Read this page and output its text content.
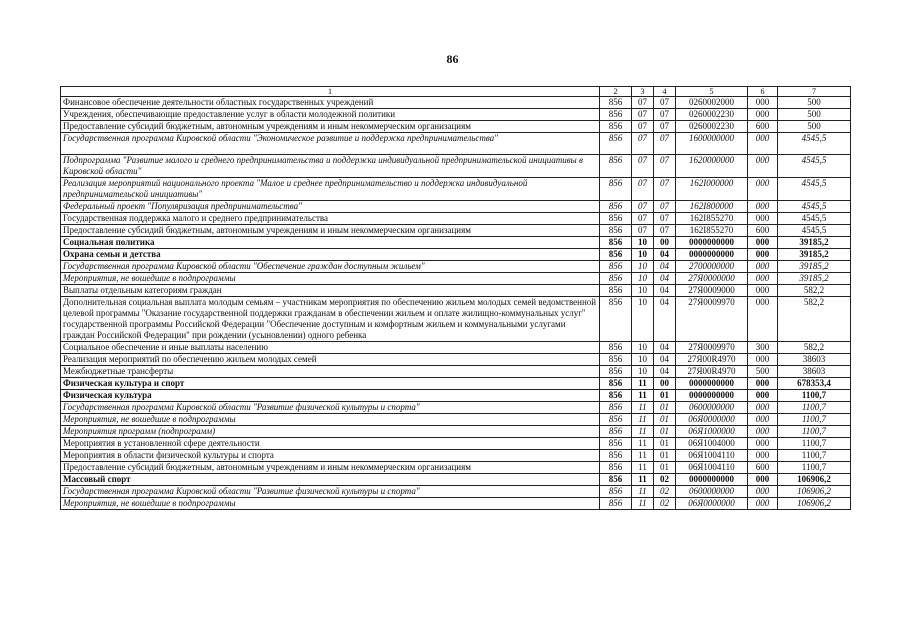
86
1	2	3	4	5	6	7
Финансовое обеспечение деятельности областных государственных учреждений	856	07	07	0260002000	000	500
Учреждения, обеспечивающие предоставление услуг в области молодежной политики	856	07	07	0260002230	000	500
Предоставление субсидий бюджетным, автономным учреждениям и иным некоммерческим организациям	856	07	07	0260002230	600	500
Государственная программа Кировской области "Экономическое развитие и поддержка предпринимательства"	856	07	07	1600000000	000	4545,5
Подпрограмма "Развитие малого и среднего предпринимательства и поддержка индивидуальной предпринимательской инициативы в Кировской области"	856	07	07	1620000000	000	4545,5
Реализация мероприятий национального проекта "Малое и среднее предпринимательство и поддержка индивидуальной предпринимательской инициативы"	856	07	07	162I000000	000	4545,5
Федеральный проект "Популяризация предпринимательства"	856	07	07	162I800000	000	4545,5
Государственная поддержка малого и среднего предпринимательства	856	07	07	162I855270	000	4545,5
Предоставление субсидий бюджетным, автономным учреждениям и иным некоммерческим организациям	856	07	07	162I855270	600	4545,5
Социальная политика	856	10	00	0000000000	000	39185,2
Охрана семьи и детства	856	10	04	0000000000	000	39185,2
Государственная программа Кировской области "Обеспечение граждан доступным жильем"	856	10	04	2700000000	000	39185,2
Мероприятия, не вошедшие в подпрограммы	856	10	04	27Я0000000	000	39185,2
Выплаты отдельным категориям граждан	856	10	04	27Я0009000	000	582,2
Дополнительная социальная выплата молодым семьям – участникам мероприятия по обеспечению жильем молодых семей ведомственной целевой программы "Оказание государственной поддержки гражданам в обеспечении жильем и оплате жилищно-коммунальных услуг" государственной программы Российской Федерации "Обеспечение доступным и комфортным жильем и коммунальными услугами граждан Российской Федерации" при рождении (усыновлении) одного ребенка	856	10	04	27Я0009970	000	582,2
Социальное обеспечение и иные выплаты населению	856	10	04	27Я0009970	300	582,2
Реализация мероприятий по обеспечению жильем молодых семей	856	10	04	27Я00R4970	000	38603
Межбюджетные трансферты	856	10	04	27Я00R4970	500	38603
Физическая культура и спорт	856	11	00	0000000000	000	678353,4
Физическая культура	856	11	01	0000000000	000	1100,7
Государственная программа Кировской области "Развитие физической культуры и спорта"	856	11	01	0600000000	000	1100,7
Мероприятия, не вошедшие в подпрограммы	856	11	01	06Я0000000	000	1100,7
Мероприятия программ (подпрограмм)	856	11	01	06Я1000000	000	1100,7
Мероприятия в установленной сфере деятельности	856	11	01	06Я1004000	000	1100,7
Мероприятия в области физической культуры и спорта	856	11	01	06Я1004110	000	1100,7
Предоставление субсидий бюджетным, автономным учреждениям и иным некоммерческим организациям	856	11	01	06Я1004110	600	1100,7
Массовый спорт	856	11	02	0000000000	000	106906,2
Государственная программа Кировской области "Развитие физической культуры и спорта"	856	11	02	0600000000	000	106906,2
Мероприятия, не вошедшие в подпрограммы	856	11	02	06Я0000000	000	106906,2
